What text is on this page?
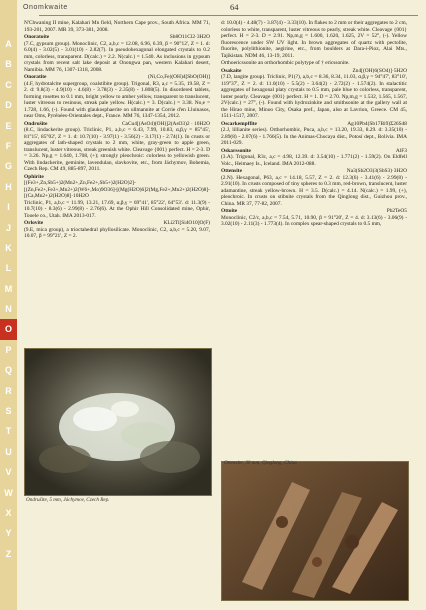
A
B
C
D
E
F
G
H
I
J
K
L
M
N
O
P
Q
R
S
T
U
V
W
X
Y
Z
Onomkwaite	64

N'Chwaning II mine, Kalahari Mn field, Northern Cape prov., South Africa. MM 71, 193-201, 2007. MR 39, 373-381, 2008.

Onoratoite	Sb8O11Cl2·3H2O

(7.C, gypsum group). Monoclinic, C2, a,b,c = 12.08, 6.96, 6.39, β = 90°12', Z = 1. d: 6.0(4) - 3.02(5) - 3.01(10) - 2.82(7). In pseudohexagonal elongated crystals to 0.2 mm, colorless, transparent. D(calc.) = 2.2. N(calc.) = 1.540. As inclusions in gypsum crystals from recent salt lake deposit at Onongwa pan, western Kalahari desert, Namibia. MM 76, 1307-1318, 2008.

Onoratite	(Ni,Co,Fe)(OH)4[SbO(OH)]

(4.F, hydrotalcite supergroup, coalstibite group). Trigonal, R3, a,c = 5.35, 19.58, Z = 2. d: 9.8(3) - 4.9(10) - 4.6(8) - 3.78(3) - 2.35(8) - 1.808(5). In disordered tablets, forming rosettes to 0.1 mm, bright yellow to amber yellow, transparent to translucent, luster vitreous to resinous, streak pale yellow. H(calc.) = 3. D(calc.) = 3.38. No,e = 1.728, 1.66, (-). Found with glaukosphaerite on ullmannite at Corrie d'en Lluinasos, near Oms, Pyrénées-Orientales dept., France. MM 76, 1347-1354, 2012.

Ondrušite	CaCu4[(AsO4)(OH)]2(AsO3)2 · 10H2O

(8.C, lindackerite group). Triclinic, P1, a,b,c = 6.43, 7.99, 10.83, α,β,γ = 85°45', 81°15', 85°02', Z = 1. d: 10.7(10) - 3.97(1) - 3.56(2) - 3.17(1) - 2.74(1). In crusts or aggregates of lath-shaped crystals to 2 mm, white, gray-green to apple green, translucent, luster vitreous, streak greenish white. Cleavage {001} perfect. H = 2-3. D = 3.26. Np,g = 1.640, 1.708, (+); strongly pleochroic: colorless to yellowish green. With lindackerite, geminite, lavendulan, slavkovite, etc., from Jáchymov, Bohemia, Czech Rep. CM 49, 885-897, 2011.

Ophirite
[(Fe3+,Zn,Sb5+)2(Mn2+,Zn,Fe2+,Sb5+)2(H2O)2]-[(Zn,Fe2+,Fe3+,Mn2+)2(W6+,Mo)9O36]-[(Mg(H2O)6]2(Mg,Fe2+,Mn2+)2(H2O)8]-[(Ca,Mn2+)2(H2O)8]·10H2O

Triclinic, P1, a,b,c = 11.99, 13.21, 17.69, α,β,γ = 69°41', 85°22', 64°53'. d: 11.3(9) - 10.7(10) - 8.3(6) - 2.99(8) - 2.76(6). At the Ophir Hill Consolidated mine, Ophir, Tooele co., Utah. IMA 2013-017.

Orlovite	KLi2Ti[Si4O10]O(F)

(9.E, mica group), a trioctahedral phyllosilicate. Monoclinic, C2, a,b,c = 5.20, 9.07, 10.07, β = 99°21', Z = 2.

d: 10.0(4) - 4.48(7) - 3.87(4) - 3.33(10). In flakes to 2 mm or their aggregates to 2 cm, colorless to white, transparent, luster vitreous to pearly, streak white. Cleavage {001} perfect. H = 2-3. D = 2.91. Np,m,g = 1.600, 1.620, 1.625, 2V = 52°, (-). Yellow fluorescence under SW UV light. In brown aggregates of quartz with pectolite, fluorite, polylithionite, aegirine, etc., from boulders at Dara-i-Pioz, Alai Mts., Tajikistan. NDM 46, 13-19, 2011.

Orthoericssonite an orthorhombic polytype of † ericssonite.

Osakaite	Zn4[(OH)6(SO4)]·5H2O

(7.D, langite group). Triclinic, P1(?), a,b,c = 8.36, 8.34, 11.03, α,β,γ = 94°47', 83°10', 119°37', Z = 2. d: 11.0(10) - 5.5(2) - 3.64(2) - 2.72(2) - 1.574(2). In stalactitic aggregates of hexagonal platy crystals to 0.5 mm, pale blue to colorless, transparent, luster pearly. Cleavage {001} perfect. H = 1. D = 2.70. Np,m,g = 1.532, 1.565, 1.567, 2V(calc.) = 27°, (-). Found with hydrozinkite and smithsonite at the gallery wall at the Hirao mine, Minoo City, Osaka pref., Japan, also at Lavrion, Greece. CM 45, 1511-1517, 2007.

Oscarkempffite	Ag10Pb4(Sb17Bi9)Σ26S48

(2.J, lillianite series). Orthorhombic, Pnca, a,b,c = 13.20, 19.33, 8.29. d: 3.35(10) - 2.89(8) - 2.07(6) - 1.766(5). In the Animas-Chocaya dist., Potosí dept., Bolivia. IMA 2011-029.

Oskarssonite	AlF3

(3.A). Trigonal, R3c, a,c = 4.98, 12.39. d: 3.54(10) - 1.771(2) - 1.59(2). On Eldfell Volc., Heimaey Is., Iceland. IMA 2012-088.

Ottensite	Na3(Sb2O3)3(SbS3)·3H2O

(2.N). Hexagonal, P63, a,c = 14.18, 5.57, Z = 2. d: 12.3(6) - 3.41(6) - 2.99(8) - 2.91(10). In crusts composed of tiny spheres to 0.3 mm, red-brown, translucent, luster adamantine, streak yellow-brown. H = 3.5. D(calc.) = 4.14. N(calc.) = 1.99, (+), pleochroic. In crusts on stibnite crystals from the Qinglong dist., Guizhou prov., China. MR 37, 77-82, 2007.

Ottoite	Pb2TeO5

Monoclinic, C2/c, a,b,c = 7.54, 5.71, 10.90, β = 91°20', Z = 4. d: 3.13(6) - 3.06(9) - 3.02(10) - 2.11(3) - 1.773(4). In complex spear-shaped crystals to 0.5 mm,

Ondrušite, 5 mm, Jáchymov, Czech Rep.
Ottensite, 30 mm, Qinglong, China
